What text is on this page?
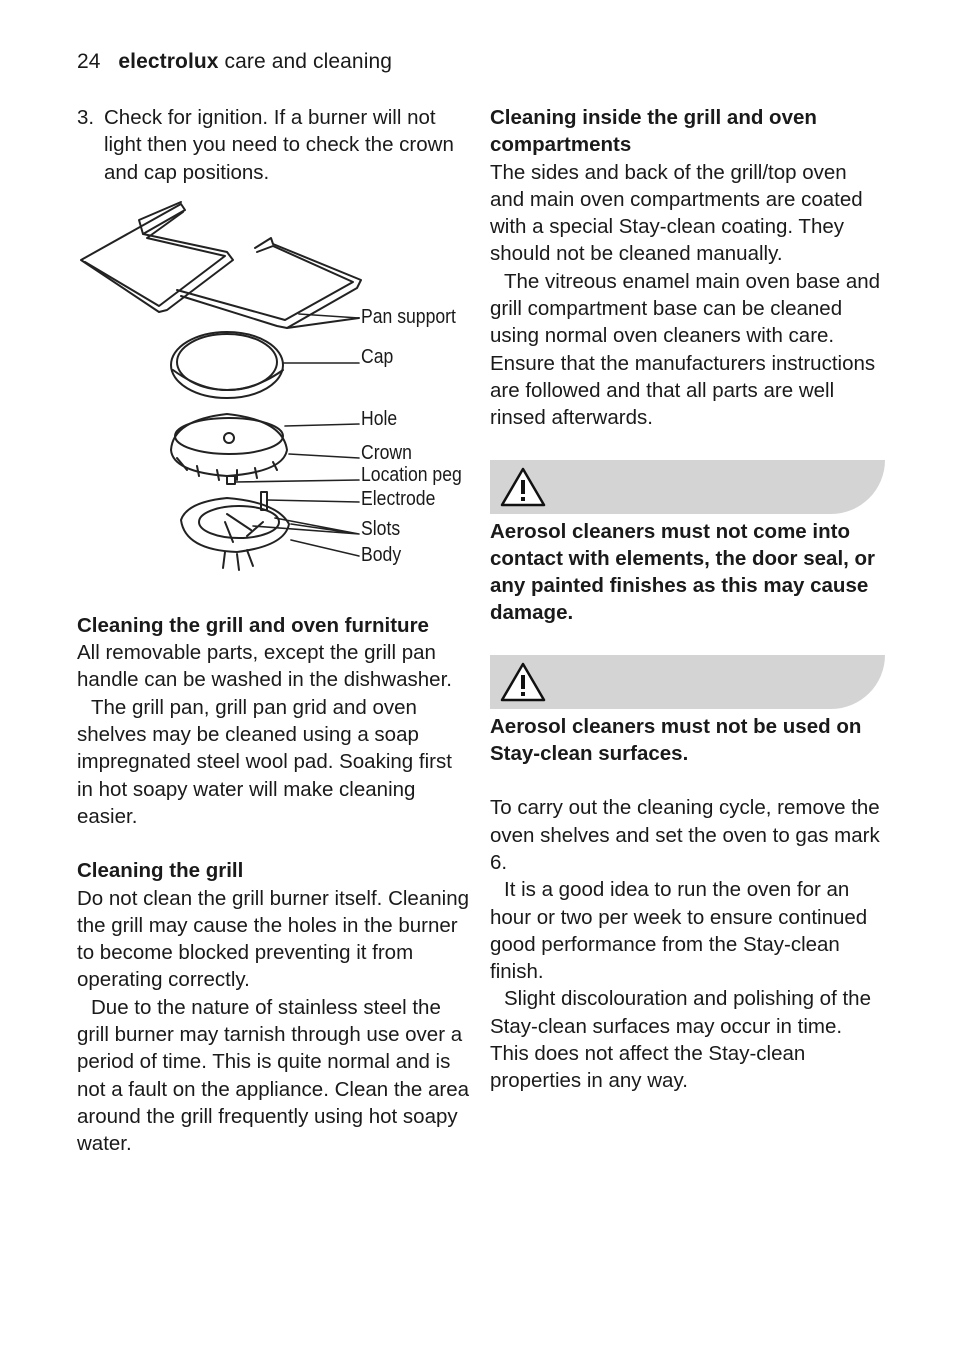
24 electrolux care and cleaning
3. Check for ignition. If a burner will not light then you need to check the crown and cap positions.
Pan support
Cap
Hole
Crown
Location peg
Electrode
Slots
Body
Cleaning the grill and oven furniture

All removable parts, except the grill pan handle can be washed in the dishwasher.

The grill pan, grill pan grid and oven shelves may be cleaned using a soap impregnated steel wool pad. Soaking first in hot soapy water will make cleaning easier.

Cleaning the grill

Do not clean the grill burner itself. Cleaning the grill may cause the holes in the burner to become blocked preventing it from operating correctly.

Due to the nature of stainless steel the grill burner may tarnish through use over a period of time. This is quite normal and is not a fault on the appliance. Clean the area around the grill frequently using hot soapy water.

Cleaning inside the grill and oven compartments

The sides and back of the grill/top oven and main oven compartments are coated with a special Stay-clean coating. They should not be cleaned manually.

The vitreous enamel main oven base and grill compartment base can be cleaned using normal oven cleaners with care. Ensure that the manufacturers instructions are followed and that all parts are well rinsed afterwards.

Aerosol cleaners must not come into contact with elements, the door seal, or any painted finishes as this may cause damage.

Aerosol cleaners must not be used on Stay-clean surfaces.

To carry out the cleaning cycle, remove the oven shelves and set the oven to gas mark 6.

It is a good idea to run the oven for an hour or two per week to ensure continued good performance from the Stay-clean finish.

Slight discolouration and polishing of the Stay-clean surfaces may occur in time. This does not affect the Stay-clean properties in any way.
